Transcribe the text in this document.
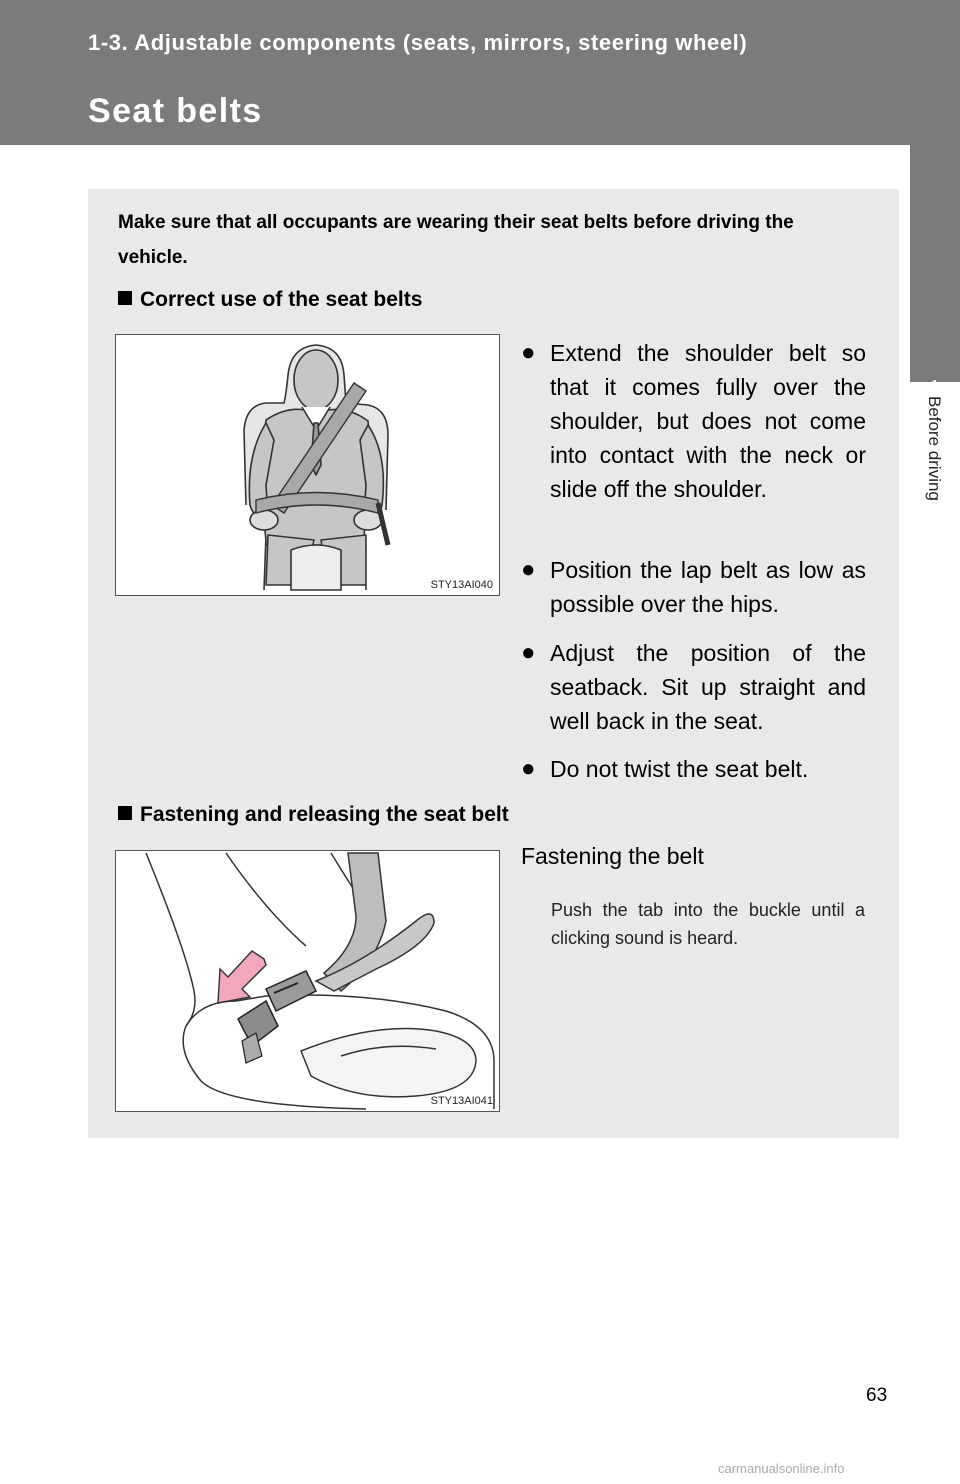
1-3. Adjustable components (seats, mirrors, steering wheel)
Seat belts
1
Before driving
Make sure that all occupants are wearing their seat belts before driving the vehicle.
Correct use of the seat belts
STY13AI040
● Extend the shoulder belt so that it comes fully over the shoulder, but does not come into contact with the neck or slide off the shoulder.
● Position the lap belt as low as possible over the hips.
● Adjust the position of the seatback. Sit up straight and well back in the seat.
● Do not twist the seat belt.
Fastening and releasing the seat belt
STY13AI041
Fastening the belt
Push the tab into the buckle until a clicking sound is heard.
63
carmanualsonline.info
